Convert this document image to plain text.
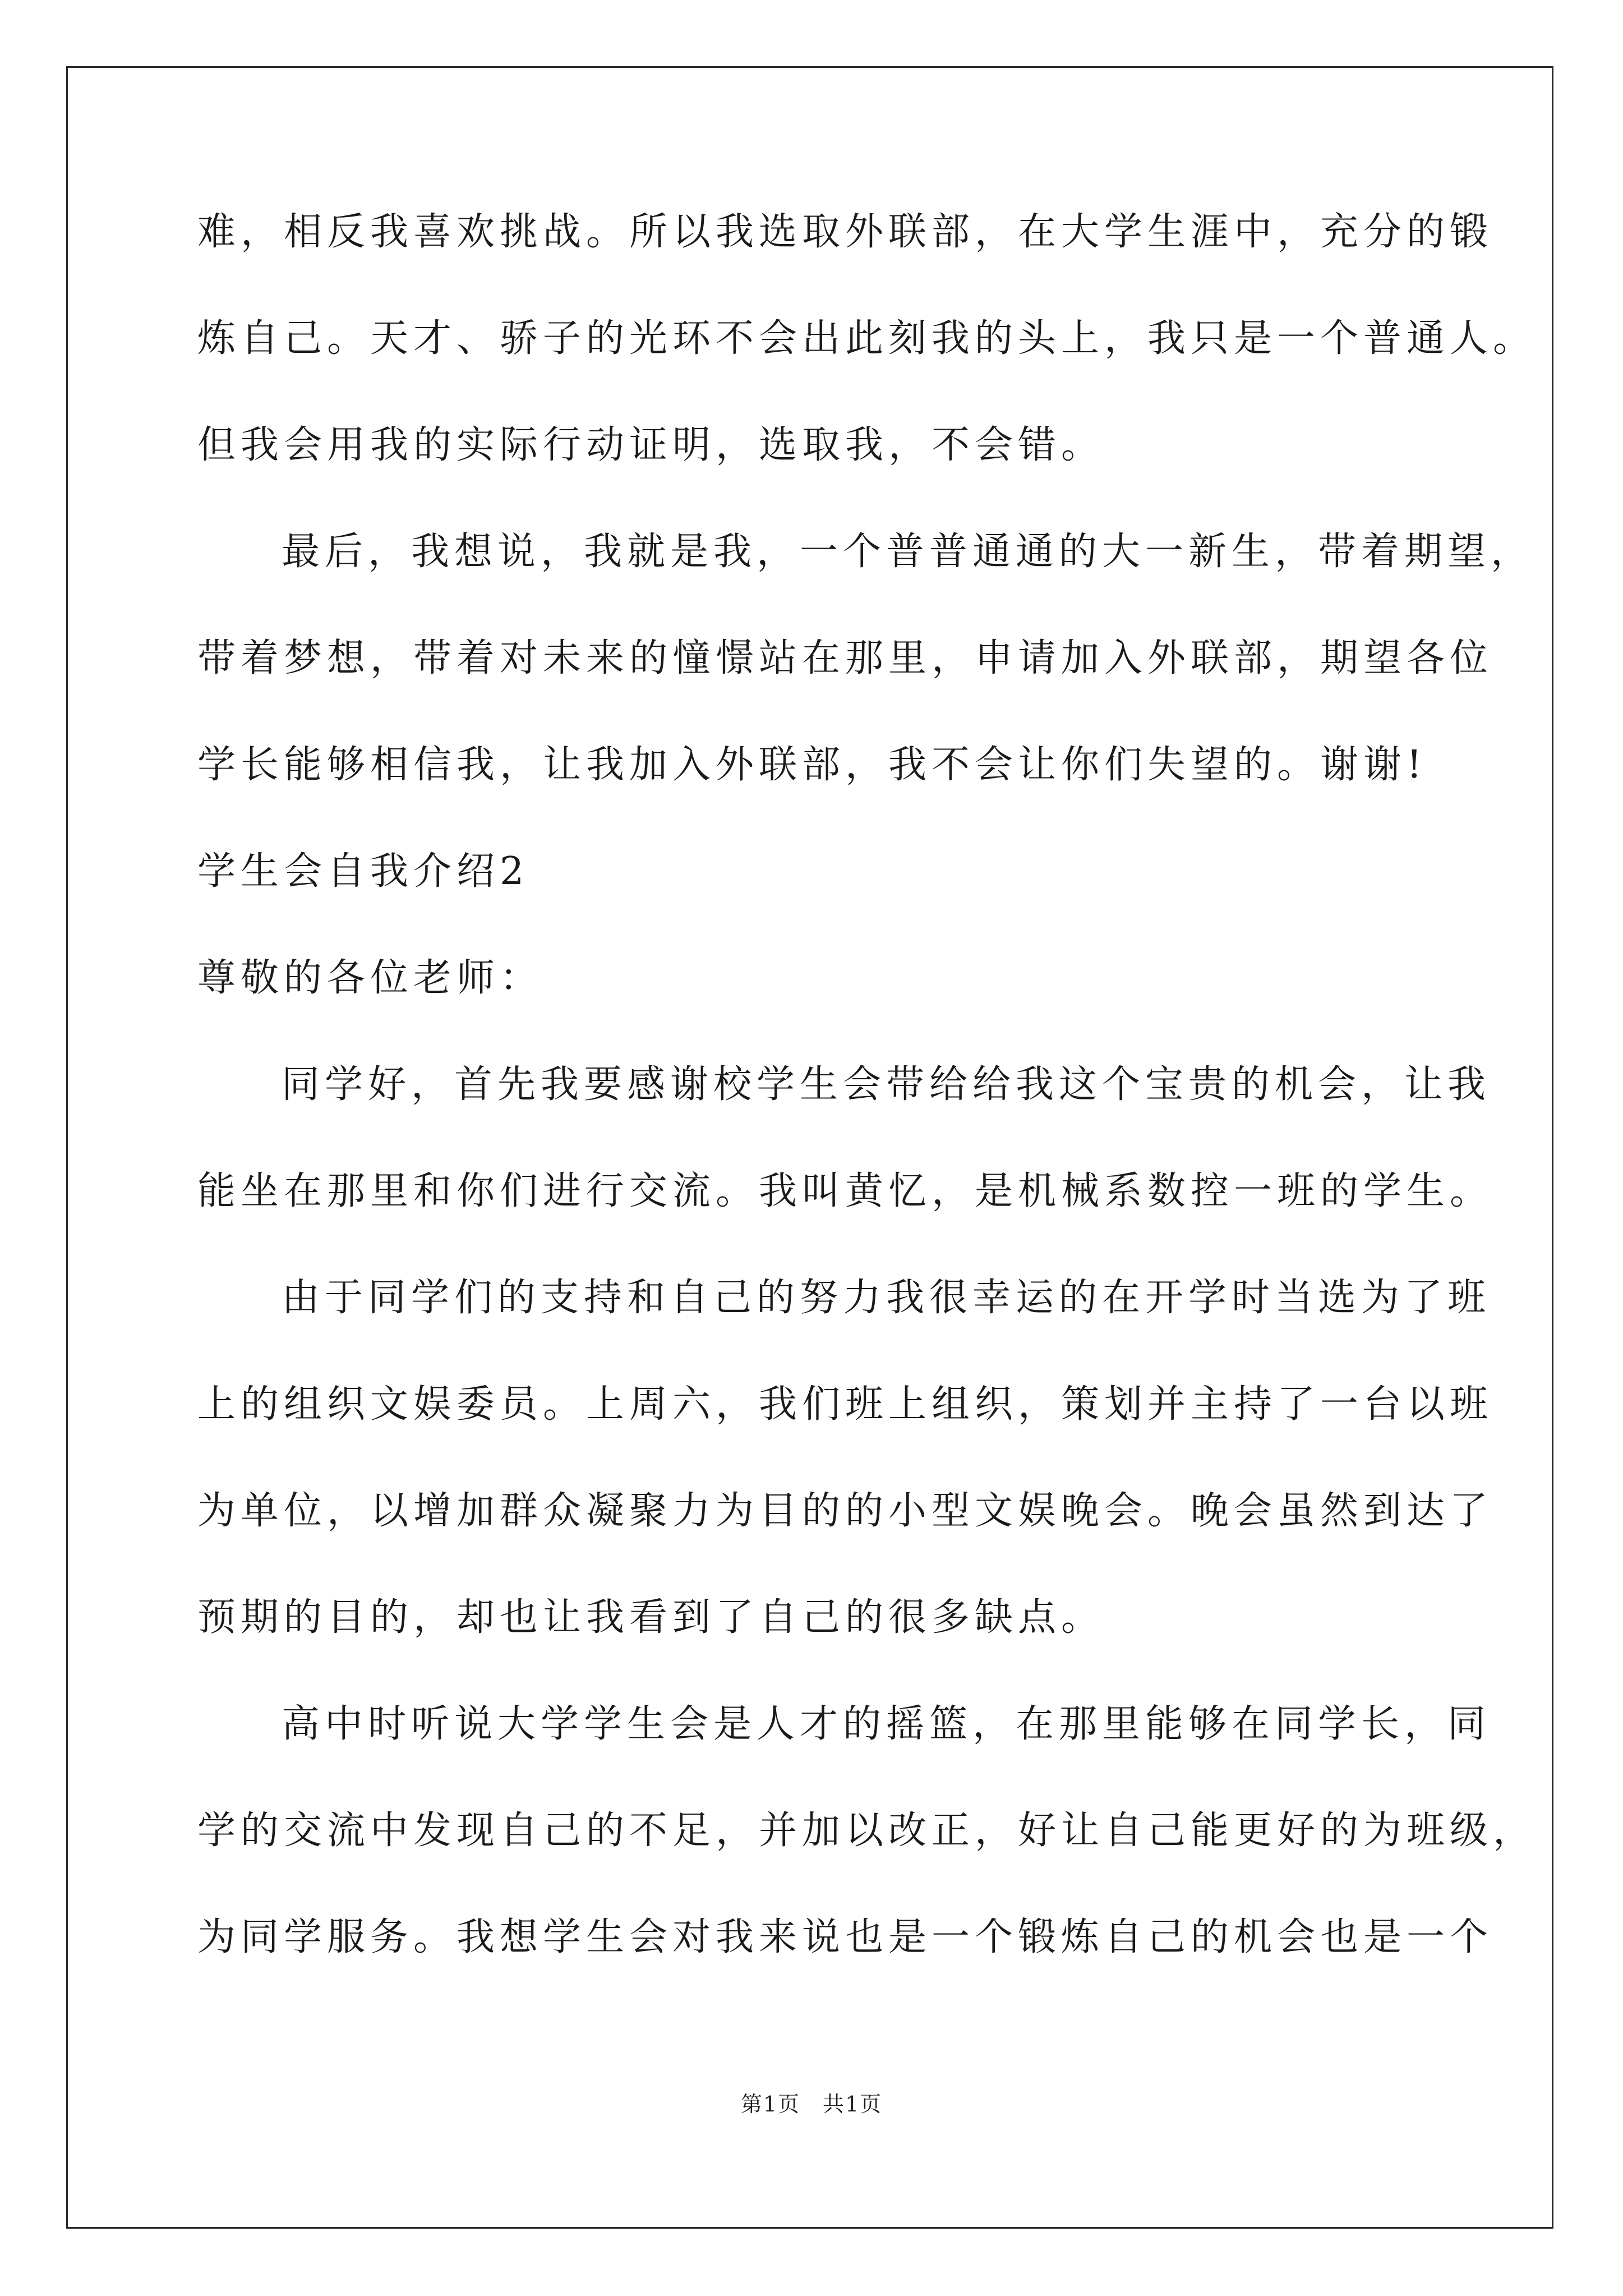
难，相反我喜欢挑战。所以我选取外联部，在大学生涯中，充分的锻
炼自己。天才、骄子的光环不会出此刻我的头上，我只是一个普通人。
但我会用我的实际行动证明，选取我，不会错。
最后，我想说，我就是我，一个普普通通的大一新生，带着期望，
带着梦想，带着对未来的憧憬站在那里，申请加入外联部，期望各位
学长能够相信我，让我加入外联部，我不会让你们失望的。谢谢!
学生会自我介绍2
尊敬的各位老师：
同学好，首先我要感谢校学生会带给给我这个宝贵的机会，让我
能坐在那里和你们进行交流。我叫黄忆，是机械系数控一班的学生。
由于同学们的支持和自己的努力我很幸运的在开学时当选为了班
上的组织文娱委员。上周六，我们班上组织，策划并主持了一台以班
为单位，以增加群众凝聚力为目的的小型文娱晚会。晚会虽然到达了
预期的目的，却也让我看到了自己的很多缺点。
高中时听说大学学生会是人才的摇篮，在那里能够在同学长，同
学的交流中发现自己的不足，并加以改正，好让自己能更好的为班级，
为同学服务。我想学生会对我来说也是一个锻炼自己的机会也是一个
第1页　共1页
